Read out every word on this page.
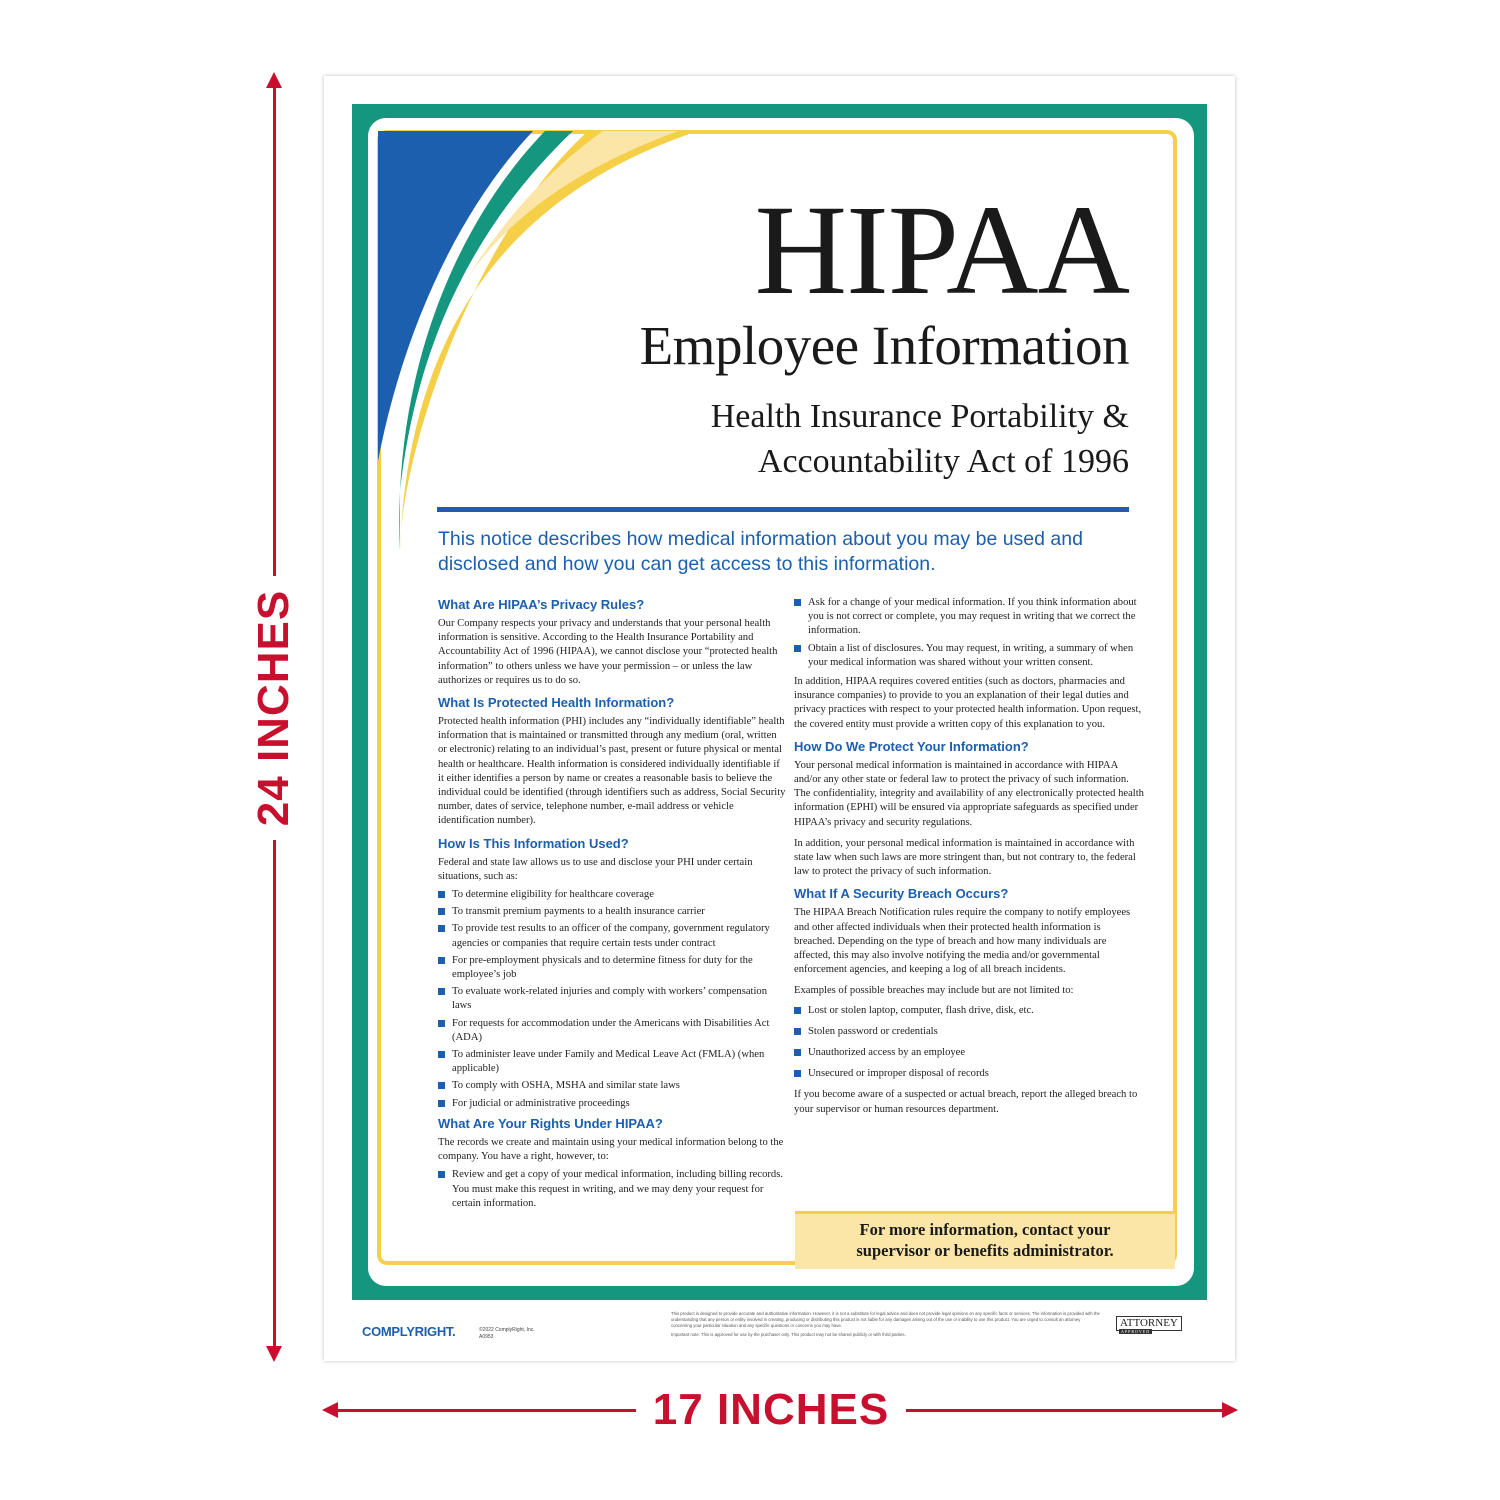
24 INCHES
17 INCHES
HIPAA
Employee Information
Health Insurance Portability &
Accountability Act of 1996
This notice describes how medical information about you may be used and disclosed and how you can get access to this information.
What Are HIPAA’s Privacy Rules?

Our Company respects your privacy and understands that your personal health information is sensitive. According to the Health Insurance Portability and Accountability Act of 1996 (HIPAA), we cannot disclose your “protected health information” to others unless we have your permission – or unless the law authorizes or requires us to do so.

What Is Protected Health Information?

Protected health information (PHI) includes any “individually identifiable” health information that is maintained or transmitted through any medium (oral, written or electronic) relating to an individual’s past, present or future physical or mental health or healthcare. Health information is considered individually identifiable if it either identifies a person by name or creates a reasonable basis to believe the individual could be identified (through identifiers such as address, Social Security number, dates of service, telephone number, e-mail address or vehicle identification number).

How Is This Information Used?

Federal and state law allows us to use and disclose your PHI under certain situations, such as:

To determine eligibility for healthcare coverage
To transmit premium payments to a health insurance carrier
To provide test results to an officer of the company, government regulatory agencies or companies that require certain tests under contract
For pre-employment physicals and to determine fitness for duty for the employee’s job
To evaluate work-related injuries and comply with workers’ compensation laws
For requests for accommodation under the Americans with Disabilities Act (ADA)
To administer leave under Family and Medical Leave Act (FMLA) (when applicable)
To comply with OSHA, MSHA and similar state laws
For judicial or administrative proceedings
What Are Your Rights Under HIPAA?

The records we create and maintain using your medical information belong to the company. You have a right, however, to:

Review and get a copy of your medical information, including billing records. You must make this request in writing, and we may deny your request for certain information.
Ask for a change of your medical information. If you think information about you is not correct or complete, you may request in writing that we correct the information.
Obtain a list of disclosures. You may request, in writing, a summary of when your medical information was shared without your written consent.

In addition, HIPAA requires covered entities (such as doctors, pharmacies and insurance companies) to provide to you an explanation of their legal duties and privacy practices with respect to your protected health information. Upon request, the covered entity must provide a written copy of this explanation to you.

How Do We Protect Your Information?

Your personal medical information is maintained in accordance with HIPAA and/or any other state or federal law to protect the privacy of such information. The confidentiality, integrity and availability of any electronically protected health information (EPHI) will be ensured via appropriate safeguards as specified under HIPAA’s privacy and security regulations.

In addition, your personal medical information is maintained in accordance with state law when such laws are more stringent than, but not contrary to, the federal law to protect the privacy of such information.

What If A Security Breach Occurs?

The HIPAA Breach Notification rules require the company to notify employees and other affected individuals when their protected health information is breached. Depending on the type of breach and how many individuals are affected, this may also involve notifying the media and/or governmental enforcement agencies, and keeping a log of all breach incidents.

Examples of possible breaches may include but are not limited to:

Lost or stolen laptop, computer, flash drive, disk, etc.
Stolen password or credentials
Unauthorized access by an employee
Unsecured or improper disposal of records

If you become aware of a suspected or actual breach, report the alleged breach to your supervisor or human resources department.

For more information, contact your
supervisor or benefits administrator.
COMPLYRIGHT.	©2022 ComplyRight, Inc.
A0953
This product is designed to provide accurate and authoritative information. However, it is not a substitute for legal advice and does not provide legal opinions on any specific facts or services. The information is provided with the understanding that any person or entity involved in creating, producing or distributing this product is not liable for any damages arising out of the use or inability to use this product. You are urged to consult an attorney concerning your particular situation and any specific questions or concerns you may have.
Important note: This is approved for use by the purchaser only. This product may not be shared publicly or with third parties.
ATTORNEY
APPROVED
